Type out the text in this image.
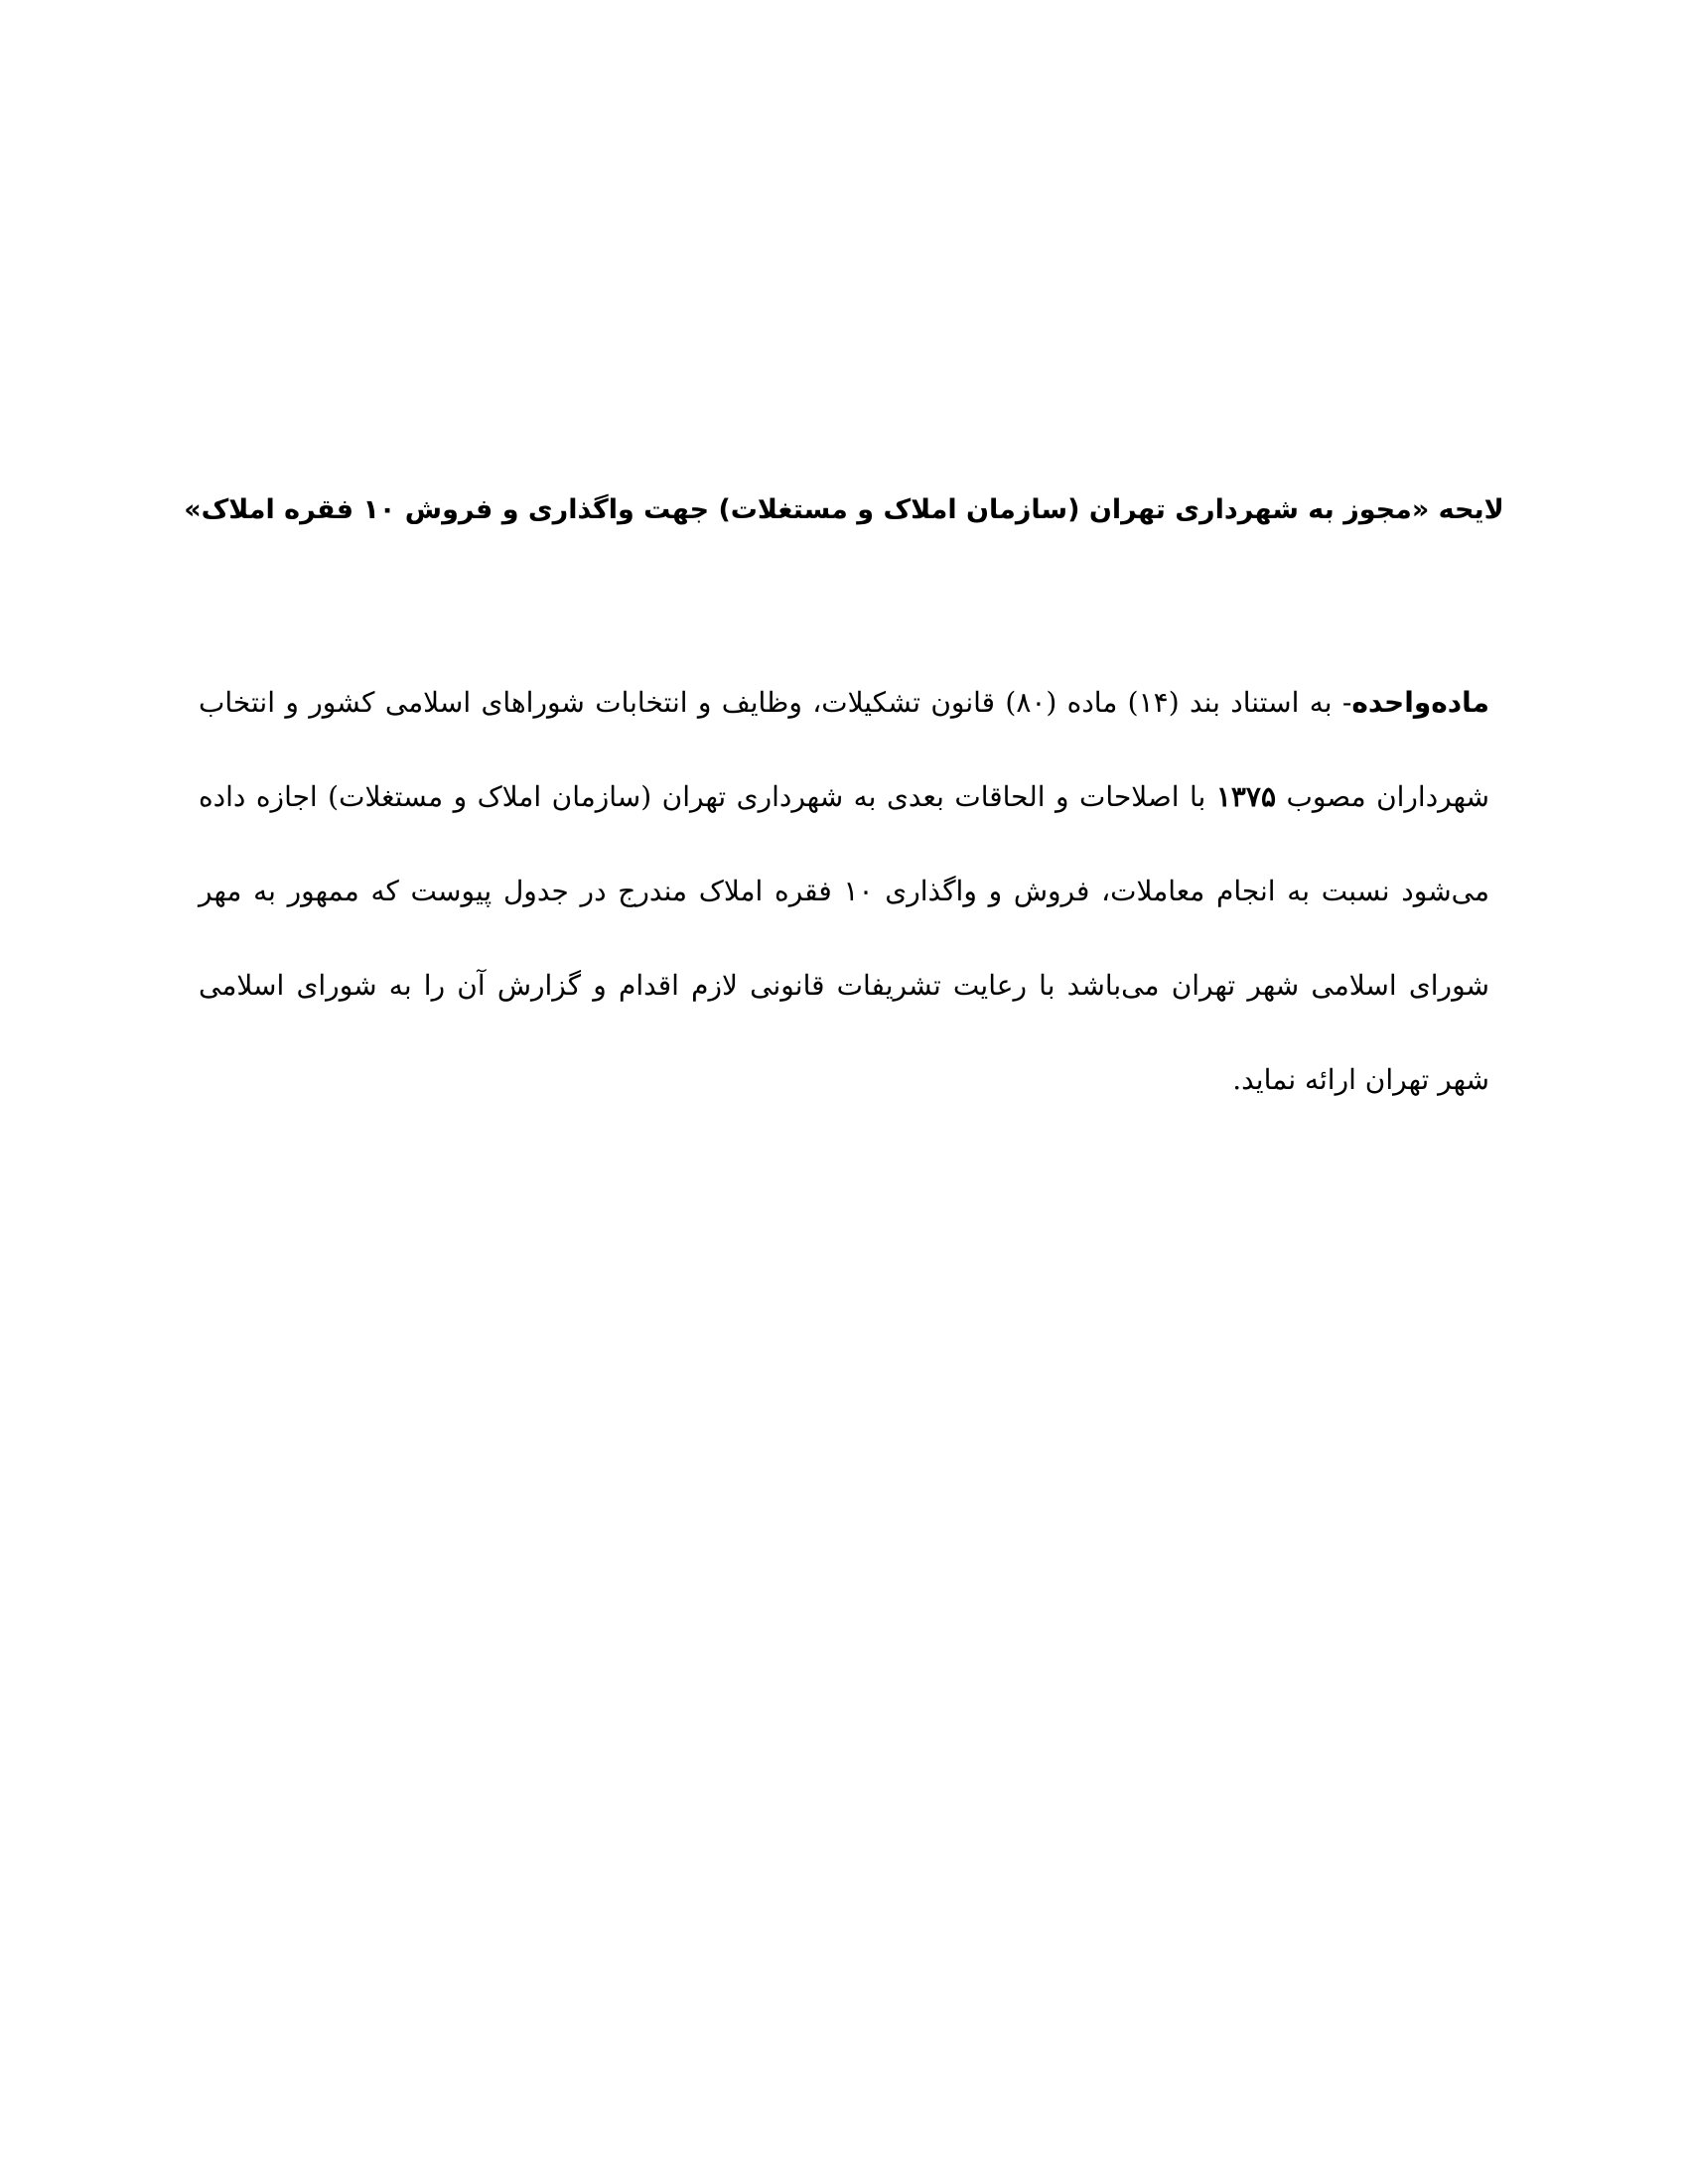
لایحه «مجوز به شهرداری تهران (سازمان املاک و مستغلات) جهت واگذاری و فروش ۱۰ فقره املاک»

ماده‌واحده- به استناد بند (۱۴) ماده (۸۰) قانون تشکیلات، وظایف و انتخابات شوراهای اسلامی کشور و انتخاب شهرداران مصوب ۱۳۷۵ با اصلاحات و الحاقات بعدی به شهرداری تهران (سازمان املاک و مستغلات) اجازه داده می‌شود نسبت به انجام معاملات، فروش و واگذاری ۱۰ فقره املاک مندرج در جدول پیوست که ممهور به مهر شورای اسلامی شهر تهران می‌باشد با رعایت تشریفات قانونی لازم اقدام و گزارش آن را به شورای اسلامی شهر تهران ارائه نماید.
